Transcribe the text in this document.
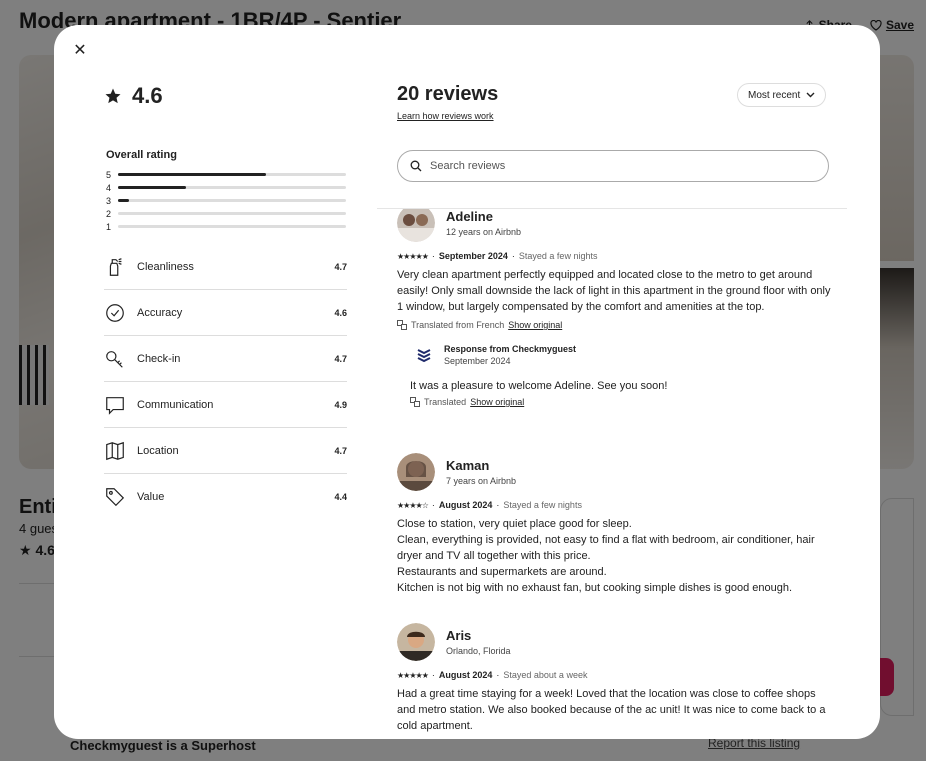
✕
4.6
Overall rating
5
4
3
2
1
Cleanliness	4.7
Accuracy	4.6
Check-in	4.7
Communication	4.9
Location	4.7
Value	4.4
20 reviews
Learn how reviews work
Most recent
Search reviews
Adeline
12 years on Airbnb
★★★★★ · September 2024 · Stayed a few nights
Very clean apartment perfectly equipped and located close to the metro to get around easily! Only small downside the lack of light in this apartment in the ground floor with only 1 window, but largely compensated by the comfort and amenities at the top.
Translated from French Show original
Response from Checkmyguest
September 2024
It was a pleasure to welcome Adeline. See you soon!
Translated Show original
Kaman
7 years on Airbnb
★★★★☆ · August 2024 · Stayed a few nights
Close to station, very quiet place good for sleep.
Clean, everything is provided, not easy to find a flat with bedroom, air conditioner, hair dryer and TV all together with this price.
Restaurants and supermarkets are around.
Kitchen is not big with no exhaust fan, but cooking simple dishes is good enough.
Aris
Orlando, Florida
★★★★★ · August 2024 · Stayed about a week
Had a great time staying for a week! Loved that the location was close to coffee shops and metro station. We also booked because of the ac unit! It was nice to come back to a cold apartment.
